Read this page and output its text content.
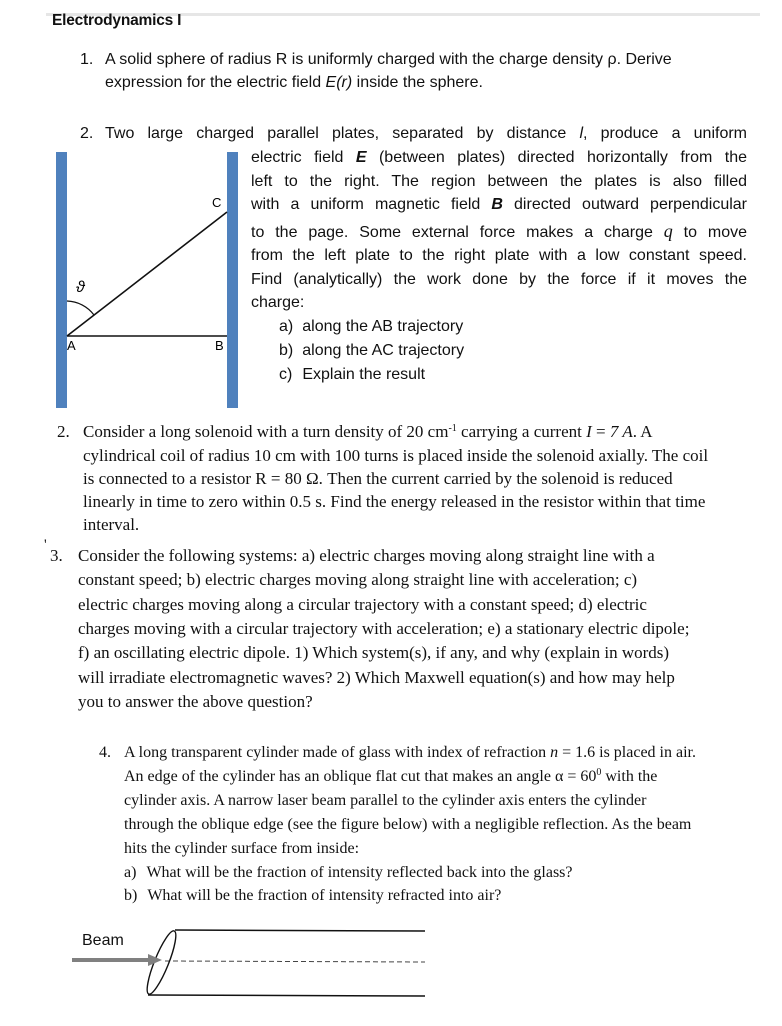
Electrodynamics I
1. A solid sphere of radius R is uniformly charged with the charge density ρ. Derive
expression for the electric field E(r) inside the sphere.
2. Two large charged parallel plates, separated by distance l, produce a uniform
electric field E (between plates) directed horizontally from the
left to the right. The region between the plates is also filled
with a uniform magnetic field B directed outward perpendicular
to the page. Some external force makes a charge q to move
from the left plate to the right plate with a low constant speed.
Find (analytically) the work done by the force if it moves the
charge:
a) along the AB trajectory
b) along the AC trajectory
c) Explain the result
ϑ
A	B
C
2. Consider a long solenoid with a turn density of 20 $cm^{-1}$ carrying a current I = 7 A. A
cylindrical coil of radius 10 cm with 100 turns is placed inside the solenoid axially. The coil
is connected to a resistor R = 80 Ω. Then the current carried by the solenoid is reduced
linearly in time to zero within 0.5 s. Find the energy released in the resistor within that time
interval.
'
3. Consider the following systems: a) electric charges moving along straight line with a
constant speed; b) electric charges moving along straight line with acceleration; c)
electric charges moving along a circular trajectory with a constant speed; d) electric
charges moving with a circular trajectory with acceleration; e) a stationary electric dipole;
f) an oscillating electric dipole. 1) Which system(s), if any, and why (explain in words)
will irradiate electromagnetic waves? 2) Which Maxwell equation(s) and how may help
you to answer the above question?
4. A long transparent cylinder made of glass with index of refraction n = 1.6 is placed in air.
An edge of the cylinder has an oblique flat cut that makes an angle $\alpha = 60^0$ with the
cylinder axis. A narrow laser beam parallel to the cylinder axis enters the cylinder
through the oblique edge (see the figure below) with a negligible reflection. As the beam
hits the cylinder surface from inside:
a) What will be the fraction of intensity reflected back into the glass?
b) What will be the fraction of intensity refracted into air?
Beam
